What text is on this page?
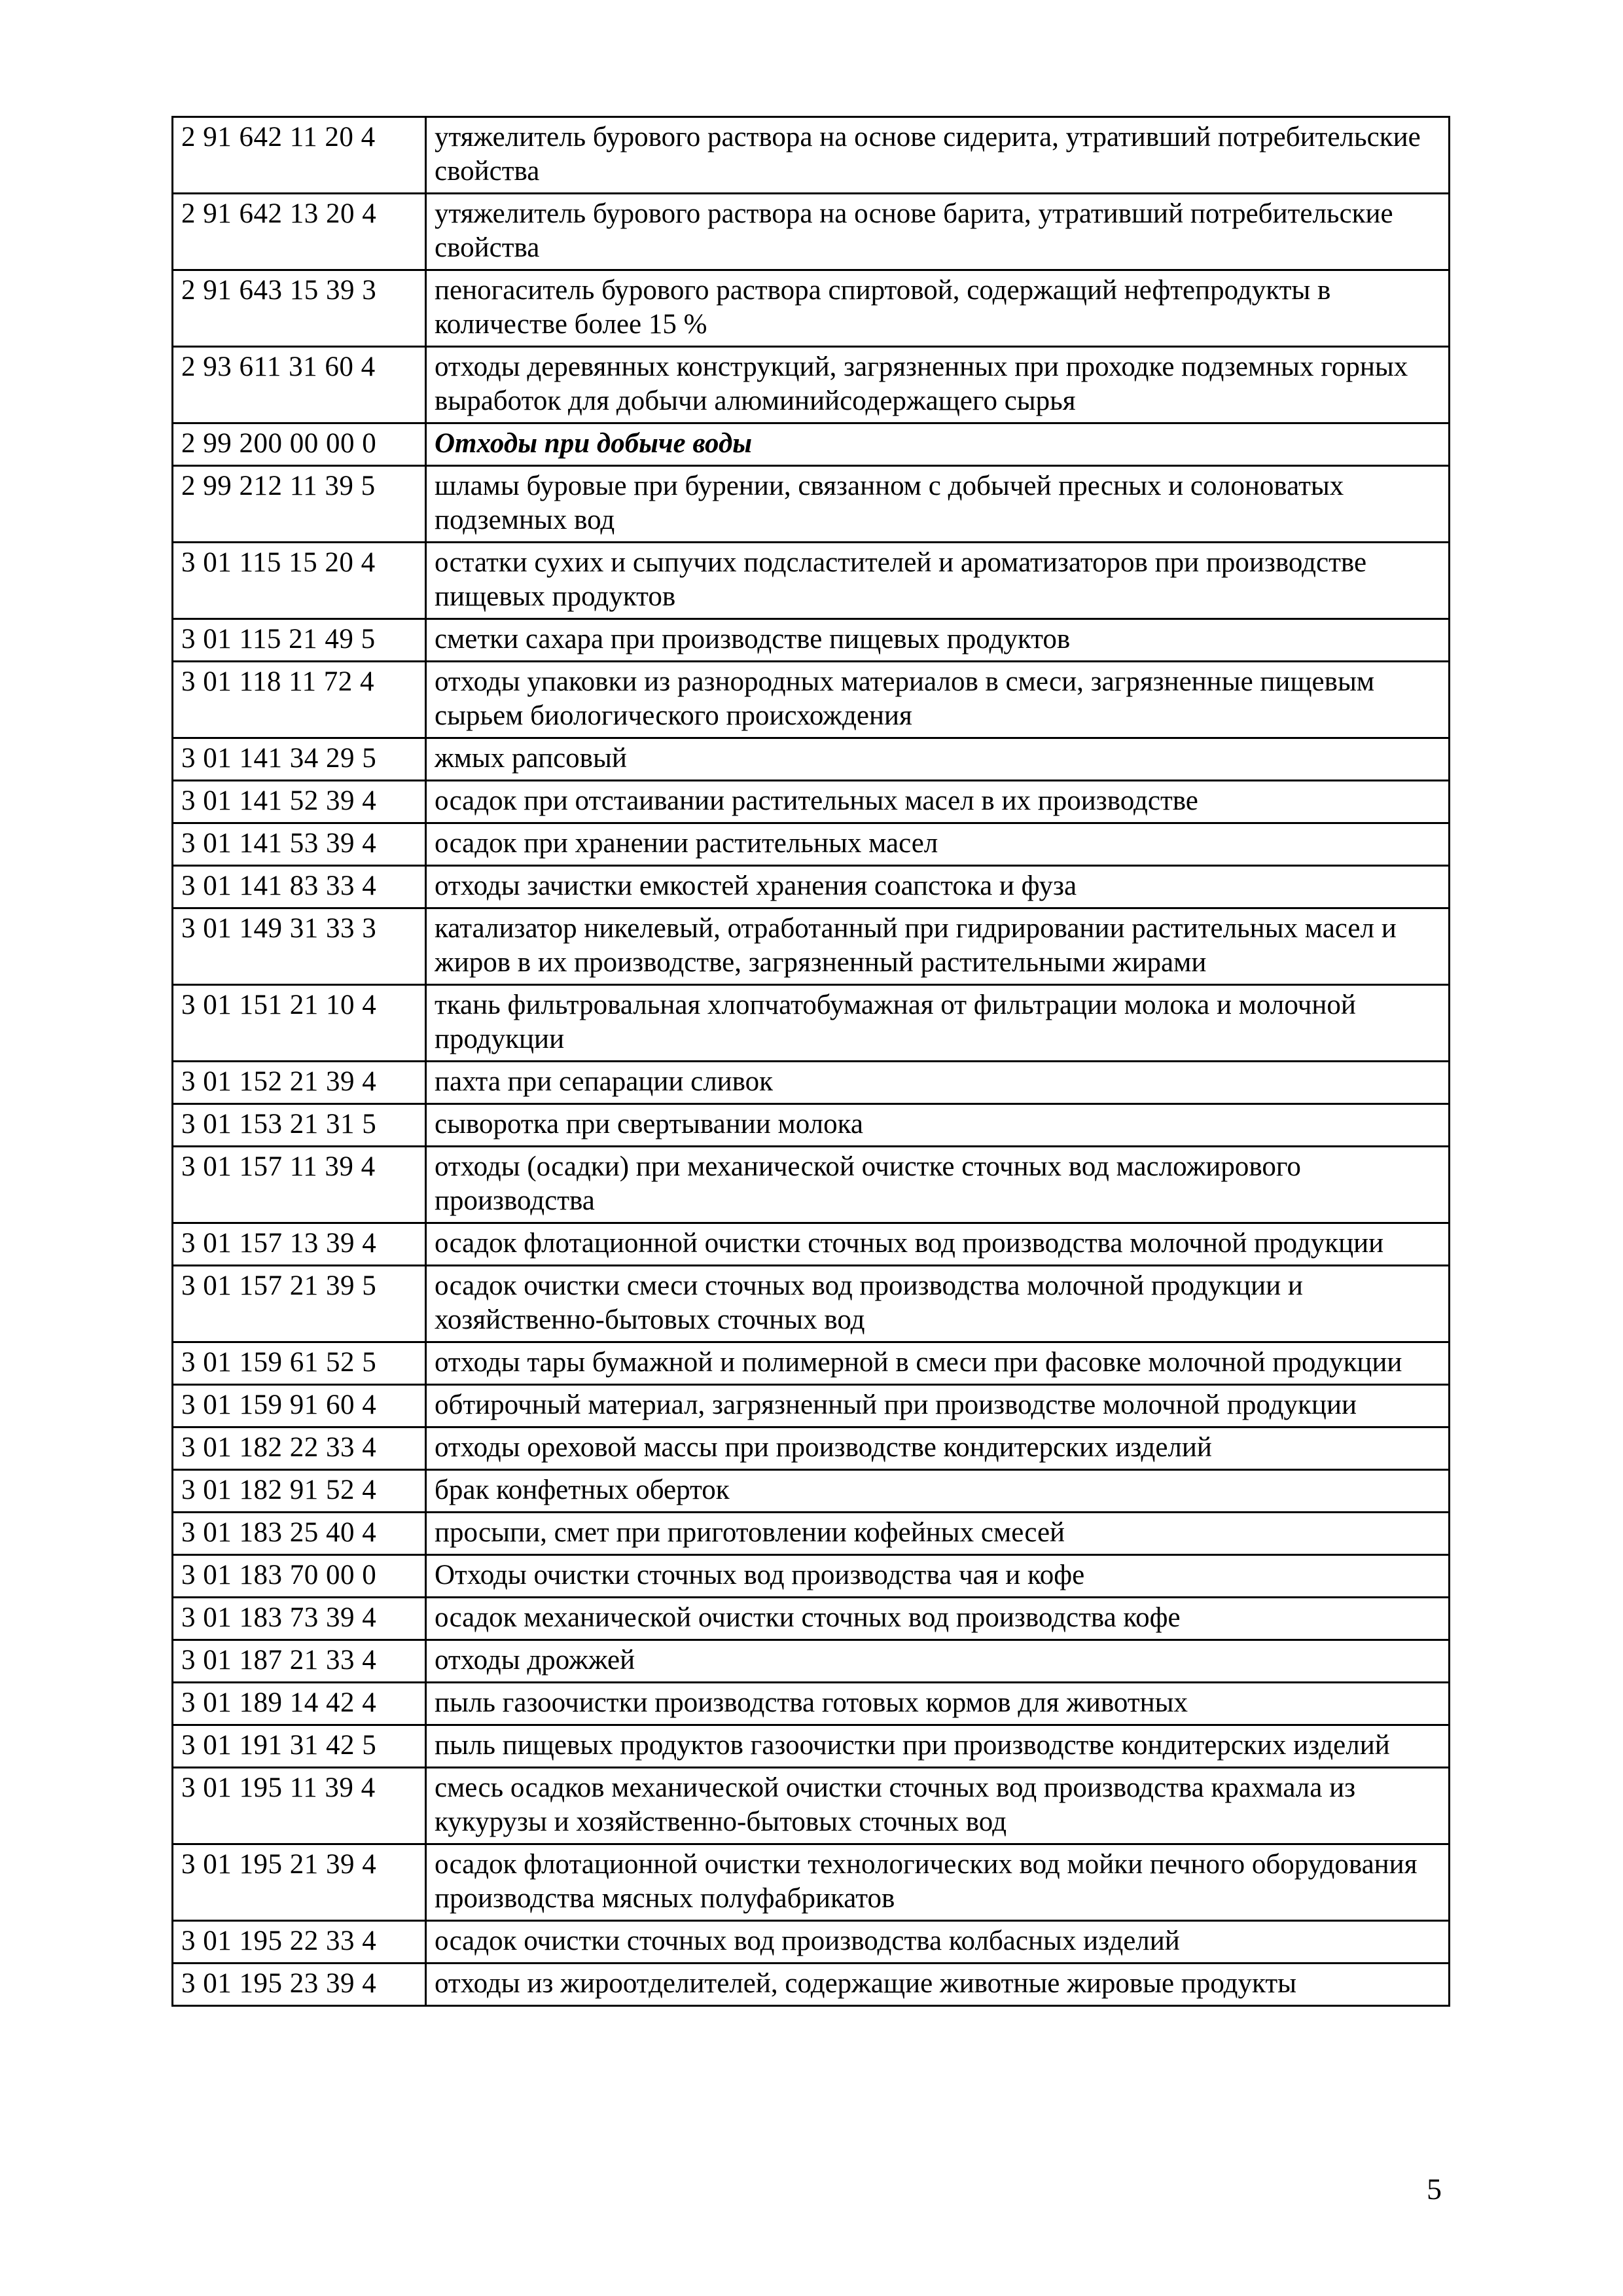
2 91 642 11 20 4	утяжелитель бурового раствора на основе сидерита, утративший потребительские свойства
2 91 642 13 20 4	утяжелитель бурового раствора на основе барита, утративший потребительские свойства
2 91 643 15 39 3	пеногаситель бурового раствора спиртовой, содержащий нефтепродукты в количестве более 15 %
2 93 611 31 60 4	отходы деревянных конструкций, загрязненных при проходке подземных горных выработок для добычи алюминийсодержащего сырья
2 99 200 00 00 0	Отходы при добыче воды
2 99 212 11 39 5	шламы буровые при бурении, связанном с добычей пресных и солоноватых подземных вод
3 01 115 15 20 4	остатки сухих и сыпучих подсластителей и ароматизаторов при производстве пищевых продуктов
3 01 115 21 49 5	сметки сахара при производстве пищевых продуктов
3 01 118 11 72 4	отходы упаковки из разнородных материалов в смеси, загрязненные пищевым сырьем биологического происхождения
3 01 141 34 29 5	жмых рапсовый
3 01 141 52 39 4	осадок при отстаивании растительных масел в их производстве
3 01 141 53 39 4	осадок при хранении растительных масел
3 01 141 83 33 4	отходы зачистки емкостей хранения соапстока и фуза
3 01 149 31 33 3	катализатор никелевый, отработанный при гидрировании растительных масел и жиров в их производстве, загрязненный растительными жирами
3 01 151 21 10 4	ткань фильтровальная хлопчатобумажная от фильтрации молока и молочной продукции
3 01 152 21 39 4	пахта при сепарации сливок
3 01 153 21 31 5	сыворотка при свертывании молока
3 01 157 11 39 4	отходы (осадки) при механической очистке сточных вод масложирового производства
3 01 157 13 39 4	осадок флотационной очистки сточных вод производства молочной продукции
3 01 157 21 39 5	осадок очистки смеси сточных вод производства молочной продукции и хозяйственно-бытовых сточных вод
3 01 159 61 52 5	отходы тары бумажной и полимерной в смеси при фасовке молочной продукции
3 01 159 91 60 4	обтирочный материал, загрязненный при производстве молочной продукции
3 01 182 22 33 4	отходы ореховой массы при производстве кондитерских изделий
3 01 182 91 52 4	брак конфетных оберток
3 01 183 25 40 4	просыпи, смет при приготовлении кофейных смесей
3 01 183 70 00 0	Отходы очистки сточных вод производства чая и кофе
3 01 183 73 39 4	осадок механической очистки сточных вод производства кофе
3 01 187 21 33 4	отходы дрожжей
3 01 189 14 42 4	пыль газоочистки производства готовых кормов для животных
3 01 191 31 42 5	пыль пищевых продуктов газоочистки при производстве кондитерских изделий
3 01 195 11 39 4	смесь осадков механической очистки сточных вод производства крахмала из кукурузы и хозяйственно-бытовых сточных вод
3 01 195 21 39 4	осадок флотационной очистки технологических вод мойки печного оборудования производства мясных полуфабрикатов
3 01 195 22 33 4	осадок очистки сточных вод производства колбасных изделий
3 01 195 23 39 4	отходы из жироотделителей, содержащие животные жировые продукты
5
